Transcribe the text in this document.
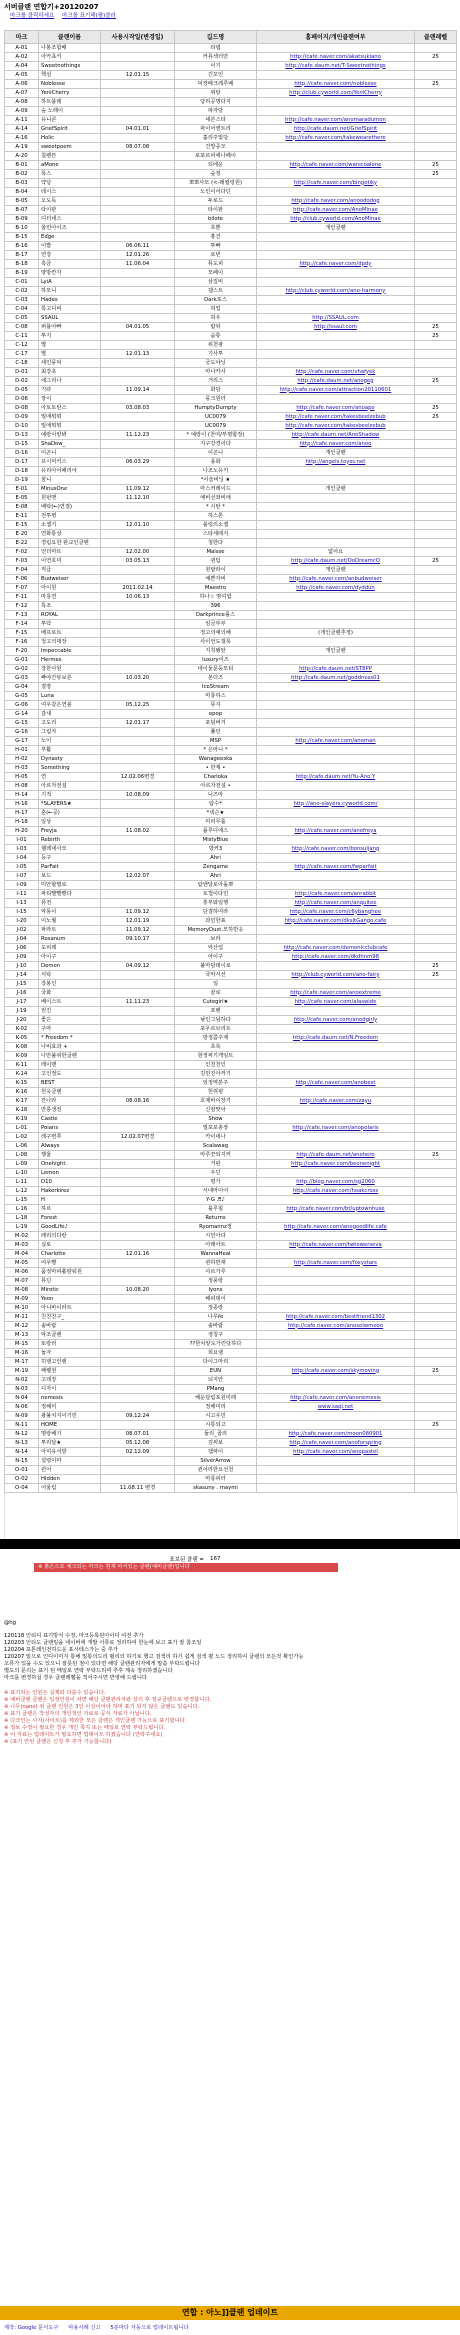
서버클랜 연합기+20120207
마크를 클릭하세요 마크를 표기해(펼)클라
마크	클랜이름	사용시작일(변경일)	길드명	홈페이지/개인클랜여부	클랜레벨
A-01	나봉조합배		타뎁		
A-02	아카쵸키		커뮤섹터만	http://cafe.naver.com/akatsukiano	25
A-04	Sweetnothings		이기	http://cafe.daum.net/T-Sweetnothings	
A-05	핵심	12.01.15	긴꼬인		
A-06	Noblesse		덕장배크레루배	http://cafe.naver.com/noblesse	25
A-07	YeniCherry		위탕	http://club.cyworld.com/YeniCherry	
A-08	하트블레		당리공명다지		
A-09	숲 노래이		파자당		
A-11	유니콘		세븐스타	http://cafe.naver.com/anomaradumon	
A-14	GriefSpirit	04.01.01	파이어엔트리	http://cafe.daum.net/GriefSpirit	
A-16	Holic		홀리주빛당	http://cafe.naver.com/takewearethere	
A-19	sweetpoem	08.07.08	건망증모		
A-20	칠렌뜬		로포르피에나페이		
B-01	aMone		되에운	http://cafe.naver.com/wanicoalone	25
B-02	록스		숲정		25
B-03	약당		뽀뽀사모 (<-래컬링원)	http://cafe.naver.com/bingotiky	
B-04	테시스		노인이어다딘		
B-05	오도독		두로드	http://cafe.naver.com/anoododog	
B-07	타이판		타이판	http://cafe.naver.com/AnoMinae	
B-09	디터네스		bilote	http://club.cyworld.com/AnoMinae	
B-10	울린아이즈		호뿐	개인클랜	
B-15	Edge		홍건		
B-16	이밥	06.06.11	투빠		
B-17	연강	12.01.26	로빈		
B-18	흑금	11.06.04	뮤도피	http://cafe.naver.com/dpdy	
B-19	양방칸자		모페이		
C-01	LyiA		삼집비		
C-02	하모니		갤스트	http://club.cyworld.com/ano-harmony	
C-03	Hades		Dark포스		
C-04	특고디비		허업		
C-05	SSAUL		허우	http://SSAUL.com	
C-08	퍼블아빠	04.01.05	람뒤	http://ssaul.com	25
C-11	투지		숨통		25
C-12	별		위천팡		
C-17	별	12.01.13	기사투		
C-18	세인뭉덕		궁도야닝		
D-01	최강초		마나카사	http://cafe.naver.com/vhafyek	
D-02	에그리나		거리스	http://cafe.daum.net/anogeg	25
D-05	기타	11.09.14	화담	http://cafe.naver.com/attraction20110601	
D-06	장이		뭉크원터		
D-08	아토토탄스	03.08.03	HumptyDumpty	http://cafe.naver.com/anoapo	25
D-09	밀애뭐뭐		UC0079	http://cafe.naver.com/takesbeelzebub	25
D-10	밀애뭐뭐		UC0079	http://cafe.naver.com/takesbeelzebub	
D-13	예랑이랑봐	11.12.23	* 예랑이 (천여/부평합정)	http://cafe.daum.net/AnoShadow	
D-15	ShaDow_		지구강경이다	http://cafe.naver.com/anoo	
D-16	이곤니		이곤니	개인클랜	
D-17	프시미키스	06.03.29	풍화	http://angels.toyss.net	
D-18	유리아어페리아		나조노유키		
D-19	꿈니		*이슬비닝 ★		
E-01	MinusOne	11.09.12	마스커레이드	개인클랜	
E-05	원펀맨	11.12.10	예비선좌비애		
E-08	배탁(←)연결)		* 시탄 *		
E-11	전투병		하스톤		
E-15	소젬기	12.01.10	블링의소젬		
E-20	연화통상		스타세레지		
E-22	경림요한 판교인클랜		청한다		
F-02	언더마트	12.02.00	Malsse	없어요	
F-03	이연호미	03.05.13	퀀텀	http://cafe.daum.net/OoDreamcO	25
F-04	직급		원탑라이	개인클랜	
F-06	Budweiser		예쁜자비	http://cafe.naver.com/anbudweiser	
F-07	아이원	2011.02.14	Maestro	http://cafe.naver.com/dyddun	
F-11	마룡연	10.06.13	하나☆ 명여험		
F-12	특조		396		
F-13	ROYAL		Darkprince몰스		
F-14	투닥		임금부부		
F-15	배프로트		정고의예의해	(개인클랜추정)	
F-16	청고의대장		사이언도갤룩		
F-20	Impeccable		지칙됐탄	개인클랜	
G-01	Hermes		luxury이즈		
G-02	강한사원		네이둘문둥모티	http://cafe.daum.net/ST8PP	
G-03	빠야간뷰보른	10.03.20	본더즈	http://cafe.daum.net/goddness01	
G-04	결장		IceStream		
G-05	Luna		마룡하스		
G-06	여우같은연붕	05.12.25	뮤지		
G-14	갈새		epop		
G-15	고도리	12.01.17	포덤버거		
G-16	그림자		풀던		
G-17	노이		MSP	http://cafe.naver.com/anoman	
H-01	부활		* 은마니 *		
H-02	Dynasty		Wanageeska		
H-03	Something		• 한제 •		
H-05	연	12.02.06변경	Charloka	http://cafe.daum.net/Yu-Ano.Y	
H-08	아르자전설		아르자전설 •		
H-14	기적	10.08.09	니즈마		
H-16	*SLAYERS★		탐수*	http://ano-slayers.cyworld.com/	
H-17	훈(←공)		*넥슨★		
H-18	일상		미리무툼		
H-20	Freyja	11.08.02	플루디에스	http://cafe.naver.com/anofreya	
I-01	Rebirth		MistyBlue		
I-03	헬레네사모		방커3	http://cafe.naver.com/bonsuljang	
I-04	등구		Ahri		
I-05	ParFait		Zengame	http://cafe.naver.com/fwparfait	
I-07	보드	12.02.07	Ahri		
I-09	미안할멀로		탐앤달로아돌뽀		
I-11	파티빨빨빵다		토껍이다민	http://cafe.naver.com/anrabbit	
I-13	퓨전		흥부와일행	http://cafe.naver.com/anquitee	
I-15	악몽이	11.09.12	단결하여라	http://cafe.naver.com/c6ybanghee	
I-20	이노월	12.01.19	과민한표	http://cafe.naver.com/dksltGango.cafe	
J-02	파라트	11.09.12	MemoryDust.모하반응		
J-04	Rosanum	09.10.17	보라		
J-06	도피레		악산업	http://cafe.naver.com/demonicclubcafe	
J-09	아이구		아이구	http://cafe.naver.com/dkdhnm98	
J-10	Demon	04.09.12	불마담데이로		25
J-14	식탁		국악시선	http://club.cyworld.com/ano-fairy	25
J-15	강봉인		일		
J-16	국화		끝로	http://cafe.naver.com/anoextreme	
J-17	베이스트	11.11.23	Cutegirl★	http://cafe.naver.com/alaswide	
J-19	권진		포펜		
J-20	좋은		낚인그님하다	http://cafe.naver.com/anodgirly	
K-02	구마		포우르브리트		
K-05	* Freedom *		방정쯤주제	http://cafe.daum.net/N.Freedom	
K-08	나비효과 +		초록		
K-09	나만불위한클랜		항정찌기게임트		
K-11	레이맨		인천천인		
K-14	고인정도		김민진아까기		
K-15	BEST		임정역분주	http://cafe.naver.com/anobest	
K-16	헌옥클랜		헌쥐펑		
K-17	잔나라	08.08.16	호제바이장기	http://cafe.naver.com/zayu	
K-18	만릉생전		신잠맞아		
K-19	Castle		Show		
L-01	Poians		빌포포총장	http://cafe.naver.com/anopolaris	
L-02	레구련쭈	12.02.07변경	카이네나		
L-06	Always		Scalawag		
L-08	행울		마루끗되지커	http://cafe.daum.net/anohero	25
L-09	Onehight		거판	http://cafe.naver.com/beonenight	
L-10	Lemon		우딘		
L-11	D10		평가	http://blog.naver.com/sg2060	
L-12	Hakerkirez		서네마이어	http://cafe.naver.com/hoakcross	
L-15	H		Y-G ♬♪		
L-16	하르		블루힐	http://cafe.naver.com/bt/uptownhuse	
L-18	Forest		Returns		
L-19	GoodLife♪		Ryomannz정	http://cafe.naver.com/anogoodlife.cafe	
M-02	래리의다랑		시민아다		
M-03	실로		아래아트	http://cafe.naver.com/twtowerseva	
M-04	Charlotte	12.01.16	WannaHeal		
M-05	여우빨		퀀하반재	http://cafe.naver.com/foxystars	
M-06	품정마피훔딴워원		사르가루		
M-07	뮤딘		정풍랑		
M-08	Mirotic	10.08.20	Iyons		
M-09	Yeon		해피데이		
M-10	아니바이라트		정종랑		
M-11	친친친구_		나무ℓe	http://cafe.naver.com/bestfriend1302	
M-12	솔바람		솔바람	http://cafe.naver.com/anosolwmoon	
M-13	악조클랜		정칭구		
M-15	또랑러		??한치앞도가린당하다		
M-16	놀자		희요랭		
M-17	히랭고인랜		다이그마리		
M-19	페렐원		EUN	http://cafe.naver.com/skymoving	25
N-02	고데장		뇌지안		
N-03	디자이		PMang		
N-04	nemesis		해운달림포원미래	http://cafe.naver.com/anonemesis	
N-06	정해미		정해미리	www.saqi.net	
N-09	광불치지이기민	09.12.24	시고우민		
N-11	HOME		시통되고		25
N-12	명랑배기	08.07.01	둘리_골리	http://cafe.naver.com/moon080901	
N-13	투리달★	05.12.08	김찌보	http://cafe.naver.com/anoforspring	
N-14	아미유서방	02.12.09	잼파이	http://cafe.naver.com/anopastel	
N-15	설령이마		SilverArrow		
O-01	퀸어		퀸어리한요선천		
O-02	Hidden		마룡피터		
O-04	어울림	11.08.11 변경	skasuny . maymi		
표보된 클랜 =	167
※ 붉은으로 체크되는 마크는 현재 비어있는 클랜(예비클랜)입니다

@hg

120118 인티디 표기방식 수정, 마크등록된아이디 여전 추가

120203 인티도 클랜링을 네이버에 개발 서류로 정리하여 한눈에 보고 표가 잘 참조일

120204 포톤레인전하드운 표시테스가는 중 추가

120207 밑으로 인디이미지 통해 밑통의드리 펼리의 하기로 했고 검색리 하기 쉽게 검색 펼 노드 정리하여 클랜의 모든것 확인가능

오류가 있을 수도 있으니 잘못된 점이 있다면 해당 클랜관리자에게 말씀 부탁드립니다

별도의 문의는 표기 된 메일로 연락 부탁드리며 추후 계속 정리하겠습니다

마크를 변경하실 경우 클랜레벨을 적어주시면 반영해 드립니다

※ 표기되는 인원은 실제와 다를수 있습니다.

※ 예비클랜 클랜은 일정인원이 차면 해당 클랜관리자와 상의 후 정규클랜으로 변경합니다.

※ 나무(nano) 위 클랜 인원은 3인 이상이어야 하며 표기 되지 않은 클랜도 있습니다.

※ 표기 클랜은 작성자의 개인적인 자료로 공식 자료가 아닙니다.

※ 다크인는 사자(사이트)를 제외한 모든 클랜은 개인클랜 가능으로 표기합니다.

※ 정보 수정이 필요한 경우 개인 쪽지 또는 메일로 연락 부탁드립니다.

※ 이 자료는 업데이트가 필요하면 업데이트 하겠습니다 (연락주세요)

※ (표기 안된 클랜은 신청 후 추가 가능합니다)

연합 : 아노]]클랜 업데이트
제작: Google 문서도구 악용사례 신고 5분마다 자동으로 업데이트됩니다
